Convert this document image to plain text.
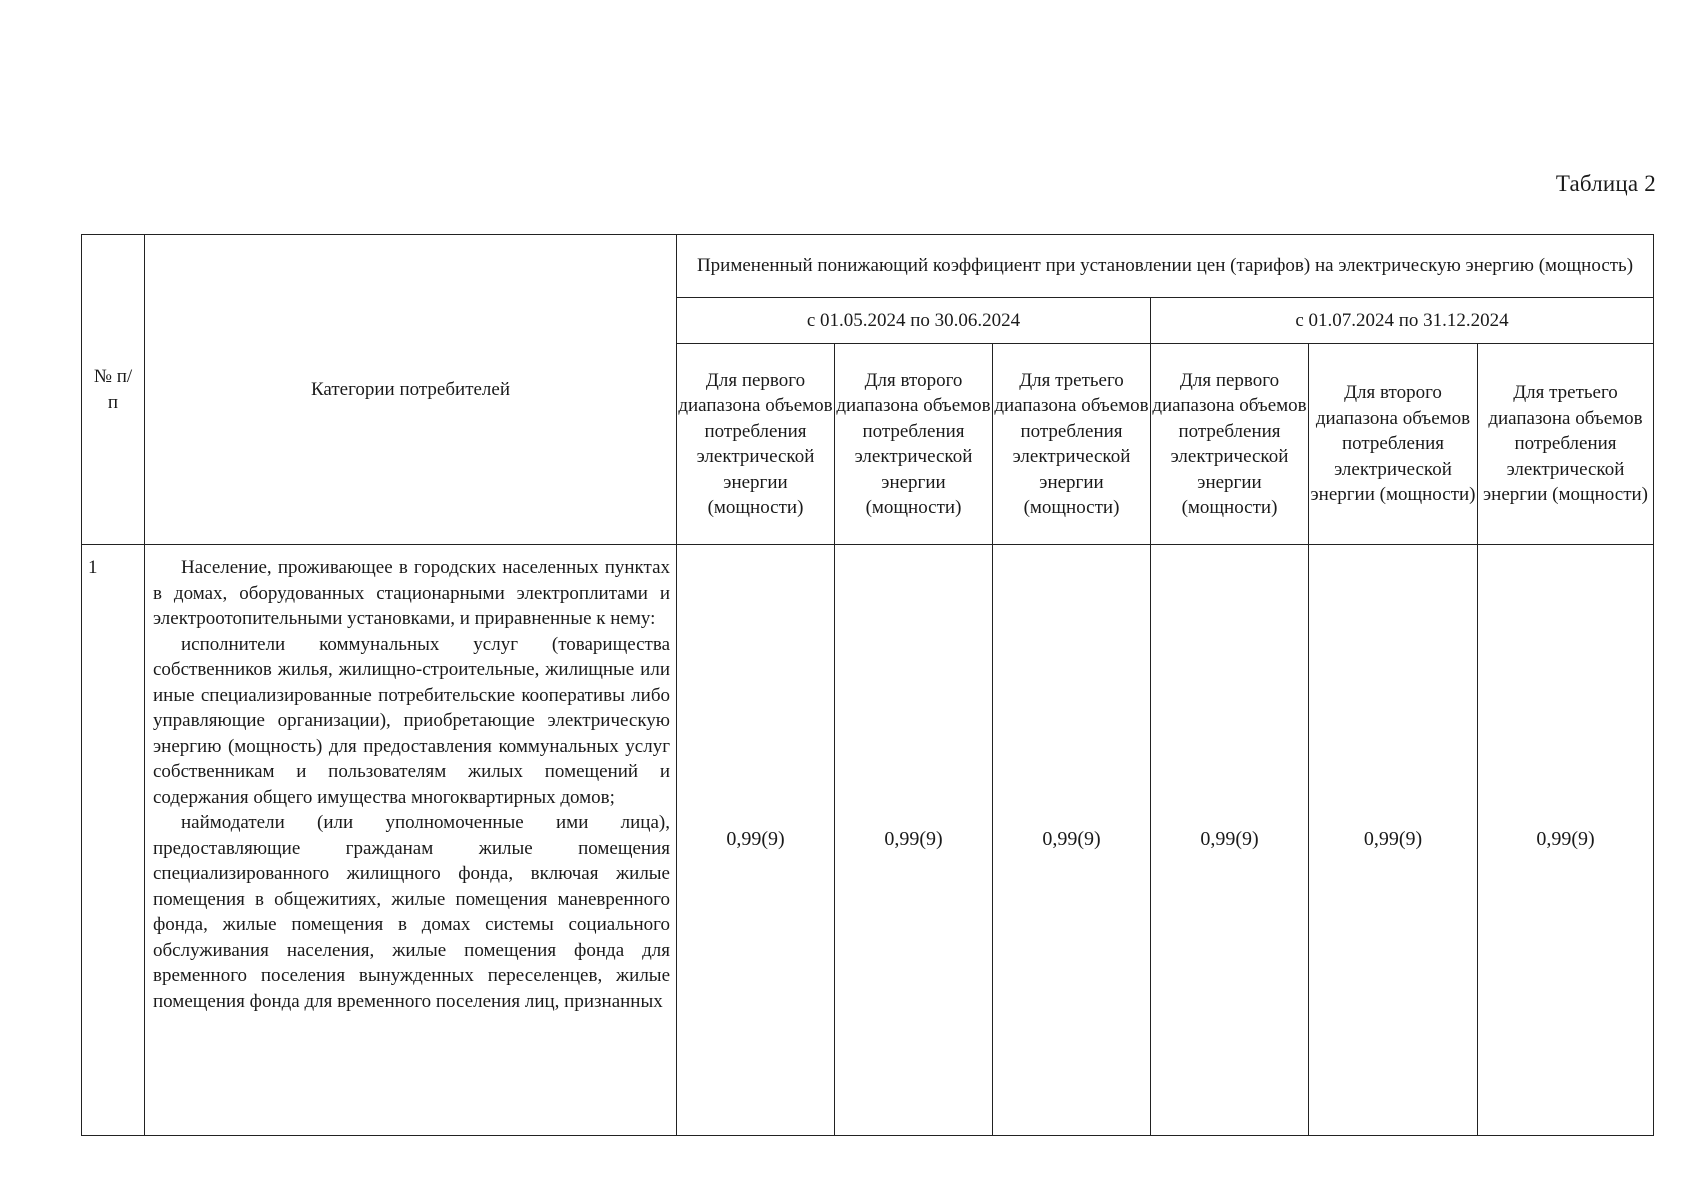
Таблица 2
№ п/п	Категории потребителей	Примененный понижающий коэффициент при установлении цен (тарифов) на электрическую энергию (мощность)					
		с 01.05.2024 по 30.06.2024			с 01.07.2024 по 31.12.2024		
		Для первого диапазона объемов потребления электрической энергии (мощности)	Для второго диапазона объемов потребления электрической энергии (мощности)	Для третьего диапазона объемов потребления электрической энергии (мощности)	Для первого диапазона объемов потребления электрической энергии (мощности)	Для второго диапазона объемов потребления электрической энергии (мощности)	Для третьего диапазона объемов потребления электрической энергии (мощности)
1	Население, проживающее в городских населенных пунктах в домах, оборудованных стационарными электроплитами и электроотопительными установками, и приравненные к нему:

исполнители коммунальных услуг (товарищества собственников жилья, жилищно-строительные, жилищные или иные специализированные потребительские кооперативы либо управляющие организации), приобретающие электрическую энергию (мощность) для предоставления коммунальных услуг собственникам и пользователям жилых помещений и содержания общего имущества многоквартирных домов;

наймодатели (или уполномоченные ими лица), предоставляющие гражданам жилые помещения специализированного жилищного фонда, включая жилые помещения в общежитиях, жилые помещения маневренного фонда, жилые помещения в домах системы социального обслуживания населения, жилые помещения фонда для временного поселения вынужденных переселенцев, жилые помещения фонда для временного поселения лиц, признанных	0,99(9)	0,99(9)	0,99(9)	0,99(9)	0,99(9)	0,99(9)
